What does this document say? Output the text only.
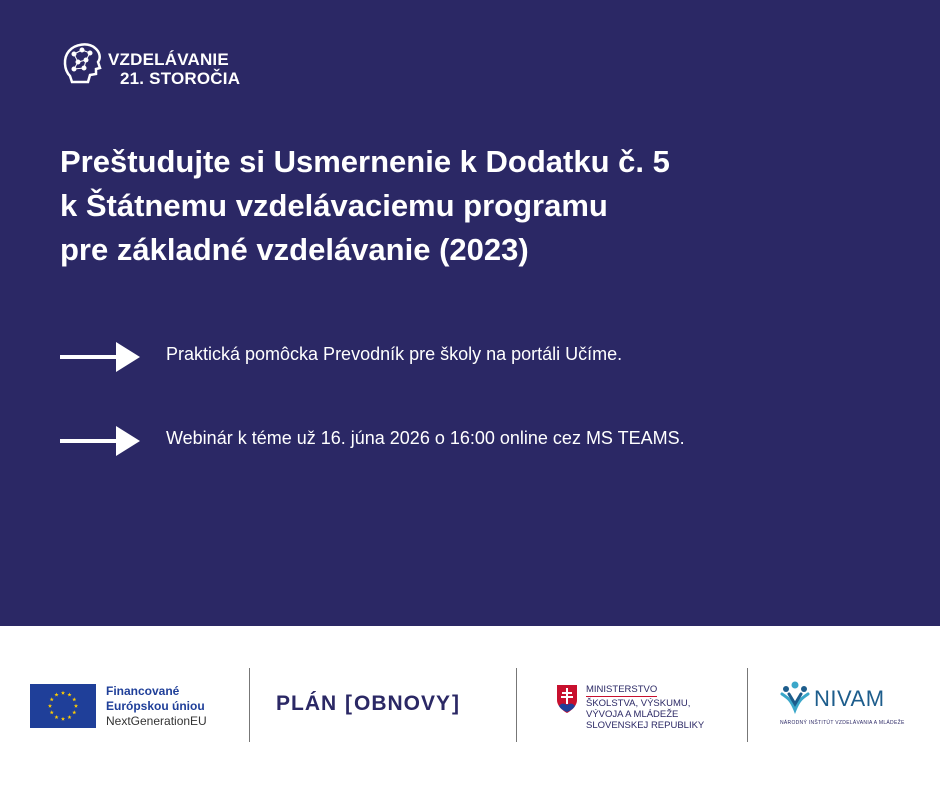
VZDELÁVANIE
21. STOROČIA
Preštudujte si Usmernenie k Dodatku č. 5
k Štátnemu vzdelávaciemu programu
pre základné vzdelávanie (2023)
Praktická pomôcka Prevodník pre školy na portáli Učíme.
Webinár k téme už 16. júna 2026 o 16:00 online cez MS TEAMS.
Financované
Európskou úniou
NextGenerationEU
PLÁN [OBNOVY]
MINISTERSTVO
ŠKOLSTVA, VÝSKUMU,
VÝVOJA A MLÁDEŽE
SLOVENSKEJ REPUBLIKY
NIVAM
NÁRODNÝ INŠTITÚT VZDELÁVANIA A MLÁDEŽE
